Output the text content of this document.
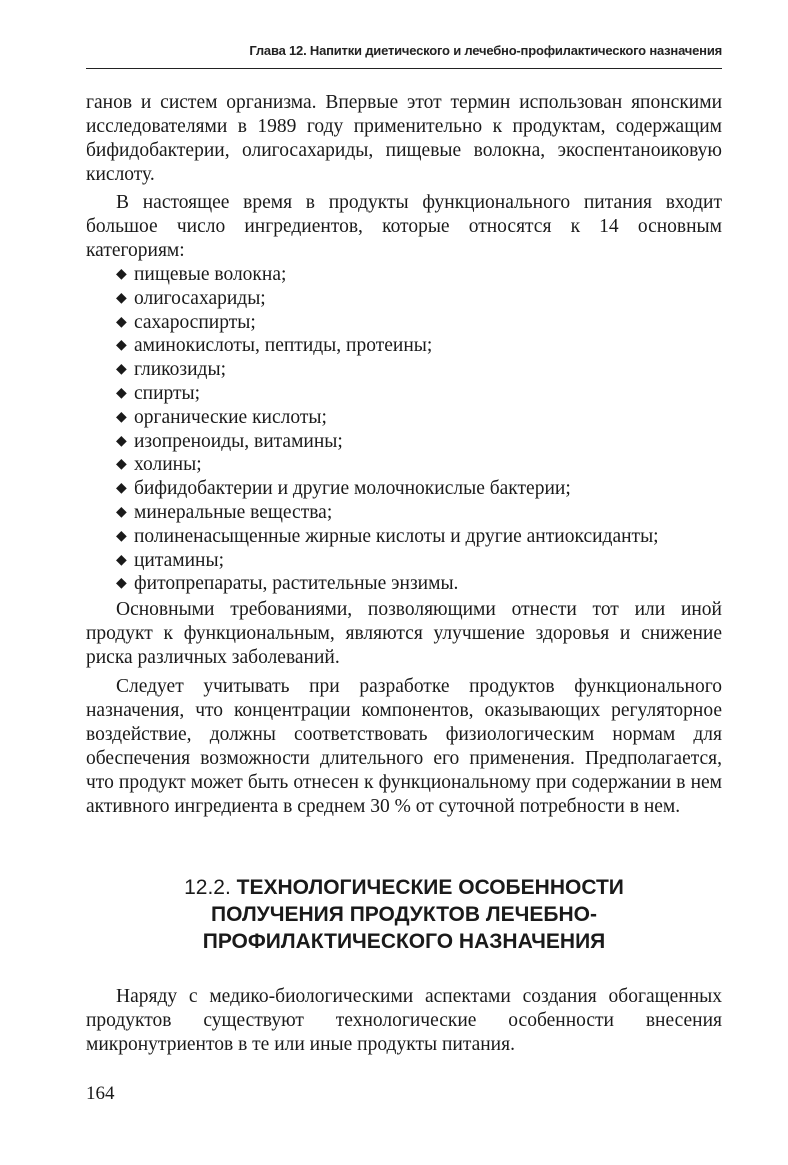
Глава 12. Напитки диетического и лечебно-профилактического назначения

ганов и систем организма. Впервые этот термин использован японскими исследователями в 1989 году применительно к продуктам, содержащим бифидобактерии, олигосахариды, пищевые волокна, экоспентаноиковую кислоту.

В настоящее время в продукты функционального питания входит большое число ингредиентов, которые относятся к 14 основным категориям:

◆ пищевые волокна;
◆ олигосахариды;
◆ сахароспирты;
◆ аминокислоты, пептиды, протеины;
◆ гликозиды;
◆ спирты;
◆ органические кислоты;
◆ изопреноиды, витамины;
◆ холины;
◆ бифидобактерии и другие молочнокислые бактерии;
◆ минеральные вещества;
◆ полиненасыщенные жирные кислоты и другие антиоксиданты;
◆ цитамины;
◆ фитопрепараты, растительные энзимы.

Основными требованиями, позволяющими отнести тот или иной продукт к функциональным, являются улучшение здоровья и снижение риска различных заболеваний.

Следует учитывать при разработке продуктов функционального назначения, что концентрации компонентов, оказывающих регуляторное воздействие, должны соответствовать физиологическим нормам для обеспечения возможности длительного его применения. Предполагается, что продукт может быть отнесен к функциональному при содержании в нем активного ингредиента в среднем 30 % от суточной потребности в нем.

12.2. ТЕХНОЛОГИЧЕСКИЕ ОСОБЕННОСТИ
ПОЛУЧЕНИЯ ПРОДУКТОВ ЛЕЧЕБНО-
ПРОФИЛАКТИЧЕСКОГО НАЗНАЧЕНИЯ

Наряду с медико-биологическими аспектами создания обогащенных продуктов существуют технологические особенности внесения микронутриентов в те или иные продукты питания.

164
